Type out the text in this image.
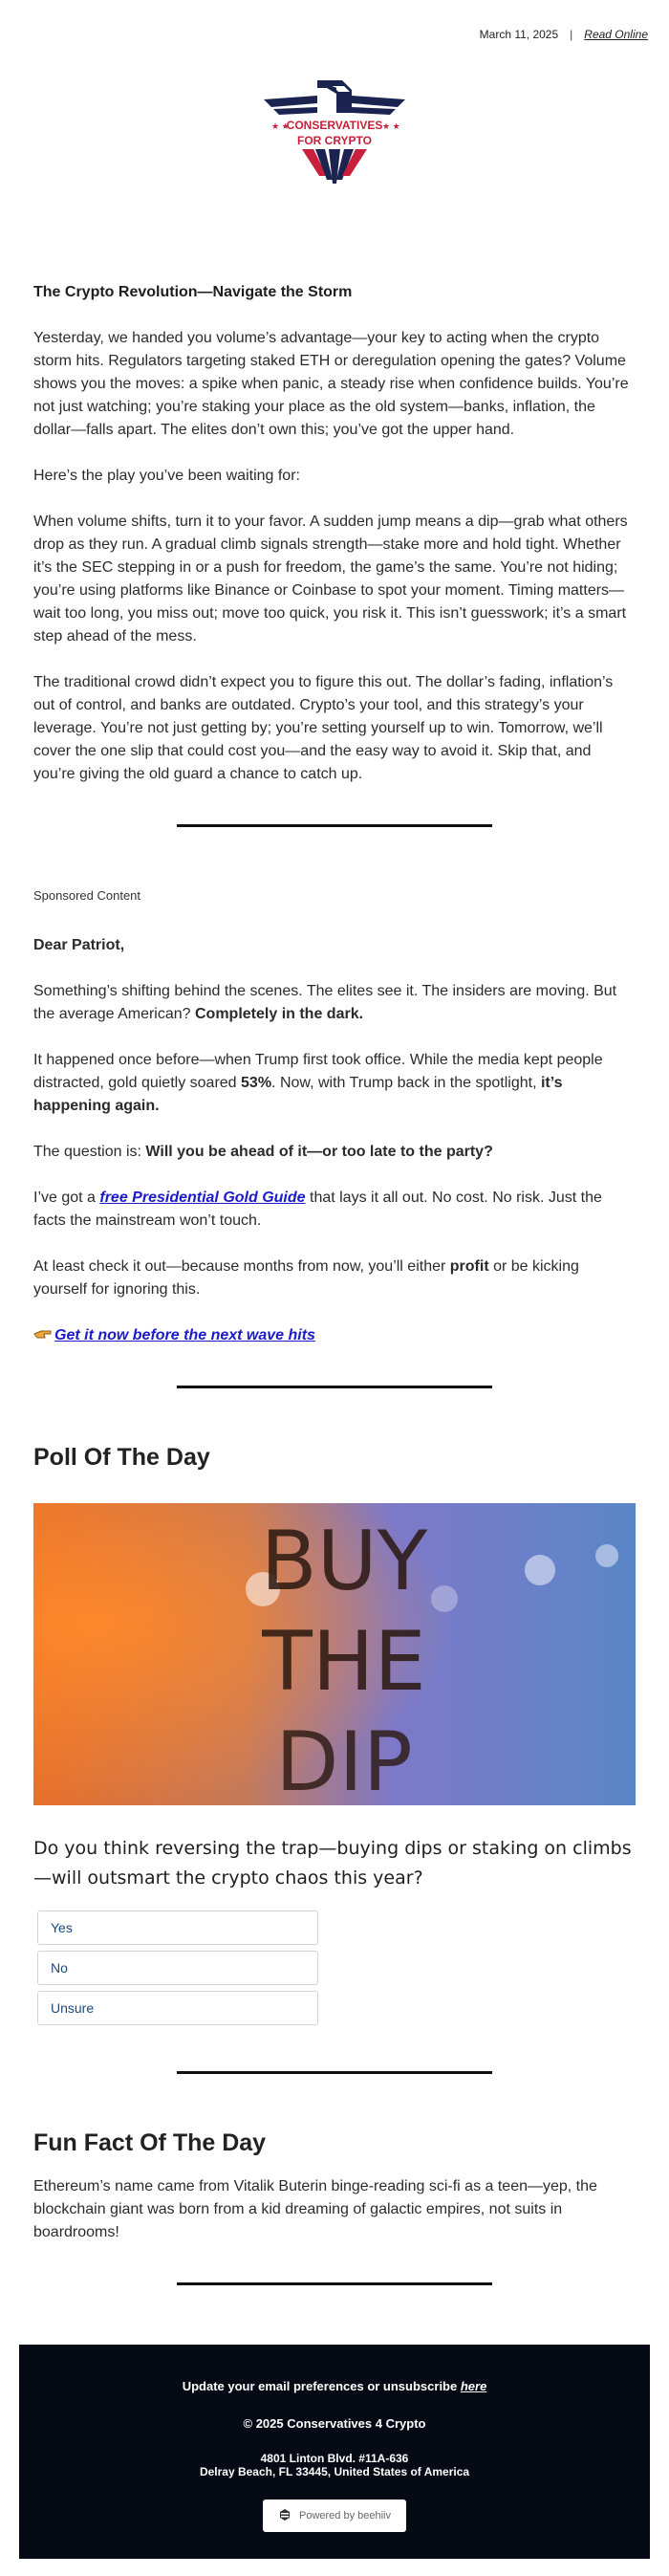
March 11, 2025 | Read Online
★ ★	★ ★
CONSERVATIVES
FOR CRYPTO
The Crypto Revolution—Navigate the Storm

Yesterday, we handed you volume’s advantage—your key to acting when the crypto storm hits. Regulators targeting staked ETH or deregulation opening the gates? Volume shows you the moves: a spike when panic, a steady rise when confidence builds. You’re not just watching; you’re staking your place as the old system—banks, inflation, the dollar—falls apart. The elites don’t own this; you’ve got the upper hand.

Here’s the play you’ve been waiting for:

When volume shifts, turn it to your favor. A sudden jump means a dip—grab what others drop as they run. A gradual climb signals strength—stake more and hold tight. Whether it’s the SEC stepping in or a push for freedom, the game’s the same. You’re not hiding; you’re using platforms like Binance or Coinbase to spot your moment. Timing matters—wait too long, you miss out; move too quick, you risk it. This isn’t guesswork; it’s a smart step ahead of the mess.

The traditional crowd didn’t expect you to figure this out. The dollar’s fading, inflation’s out of control, and banks are outdated. Crypto’s your tool, and this strategy’s your leverage. You’re not just getting by; you’re setting yourself up to win. Tomorrow, we’ll cover the one slip that could cost you—and the easy way to avoid it. Skip that, and you’re giving the old guard a chance to catch up.

Sponsored Content

Dear Patriot,

Something’s shifting behind the scenes. The elites see it. The insiders are moving. But the average American? Completely in the dark.

It happened once before—when Trump first took office. While the media kept people distracted, gold quietly soared 53%. Now, with Trump back in the spotlight, it’s happening again.

The question is: Will you be ahead of it—or too late to the party?

I’ve got a free Presidential Gold Guide that lays it all out. No cost. No risk. Just the facts the mainstream won’t touch.

At least check it out—because months from now, you’ll either profit or be kicking yourself for ignoring this.

Get it now before the next wave hits

Poll Of The Day
BUY
THE
DIP
Do you think reversing the trap—buying dips or staking on climbs—will outsmart the crypto chaos this year?
Yes
No
Unsure
Fun Fact Of The Day

Ethereum’s name came from Vitalik Buterin binge-reading sci-fi as a teen—yep, the blockchain giant was born from a kid dreaming of galactic empires, not suits in boardrooms!

Update your email preferences or unsubscribe here
© 2025 Conservatives 4 Crypto
4801 Linton Blvd. #11A-636
Delray Beach, FL 33445, United States of America
Powered by beehiiv
